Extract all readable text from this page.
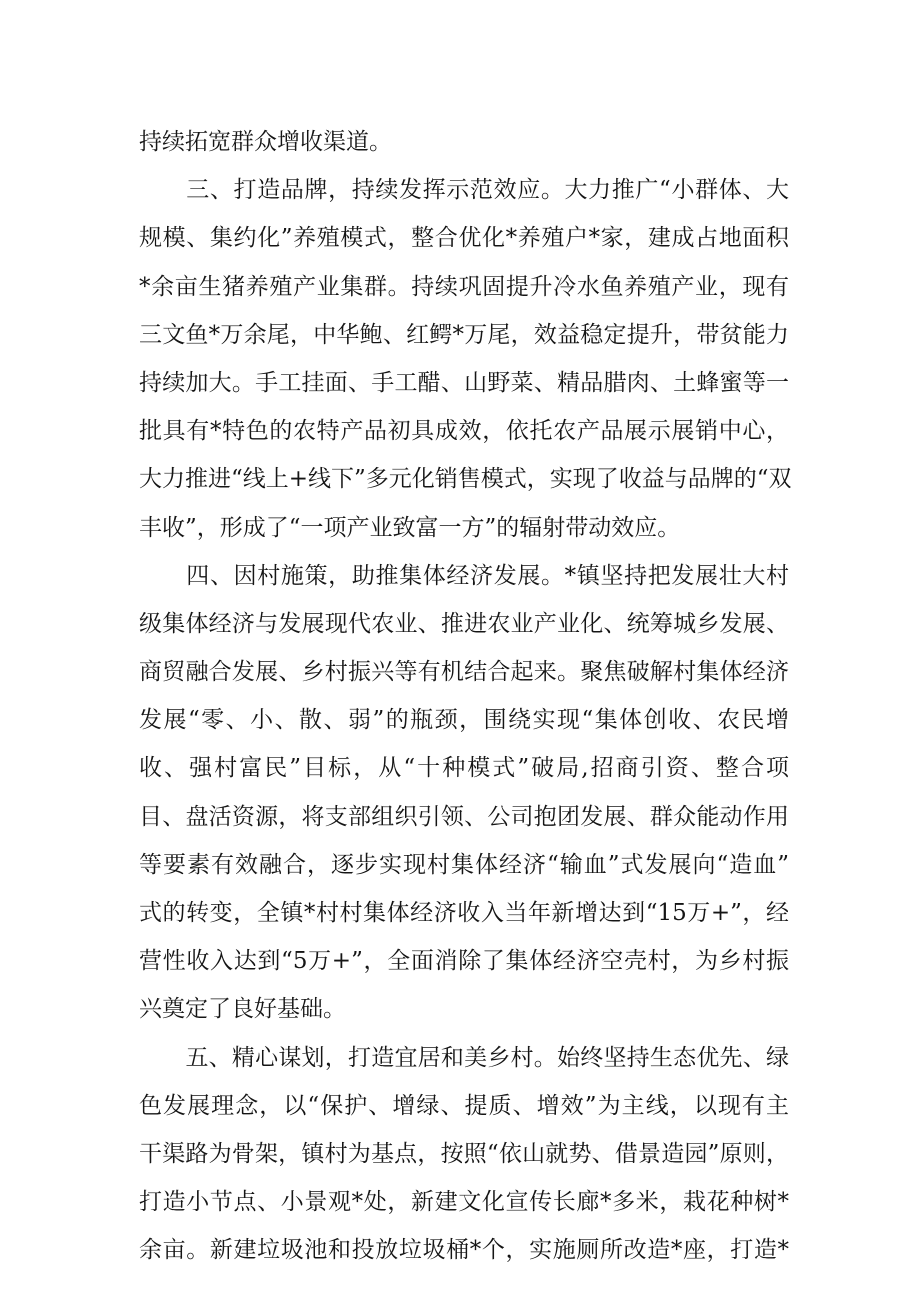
持续拓宽群众增收渠道。
　　三、打造品牌，持续发挥示范效应。大力推广“小群体、大
规模、集约化”养殖模式，整合优化*养殖户*家，建成占地面积
*余亩生猪养殖产业集群。持续巩固提升冷水鱼养殖产业，现有
三文鱼*万余尾，中华鲍、红鳄*万尾，效益稳定提升，带贫能力
持续加大。手工挂面、手工醋、山野菜、精品腊肉、土蜂蜜等一
批具有*特色的农特产品初具成效，依托农产品展示展销中心，
大力推进“线上+线下”多元化销售模式，实现了收益与品牌的“双
丰收”，形成了“一项产业致富一方”的辐射带动效应。
　　四、因村施策，助推集体经济发展。*镇坚持把发展壮大村
级集体经济与发展现代农业、推进农业产业化、统筹城乡发展、
商贸融合发展、乡村振兴等有机结合起来。聚焦破解村集体经济
发展“零、小、散、弱”的瓶颈，围绕实现“集体创收、农民增
收、强村富民”目标，从“十种模式”破局,招商引资、整合项
目、盘活资源，将支部组织引领、公司抱团发展、群众能动作用
等要素有效融合，逐步实现村集体经济“输血”式发展向“造血”
式的转变，全镇*村村集体经济收入当年新增达到“15万+”，经
营性收入达到“5万+”，全面消除了集体经济空壳村，为乡村振
兴奠定了良好基础。
　　五、精心谋划，打造宜居和美乡村。始终坚持生态优先、绿
色发展理念，以“保护、增绿、提质、增效”为主线，以现有主
干渠路为骨架，镇村为基点，按照“依山就势、借景造园”原则，
打造小节点、小景观*处，新建文化宣传长廊*多米，栽花种树*
余亩。新建垃圾池和投放垃圾桶*个，实施厕所改造*座，打造*
